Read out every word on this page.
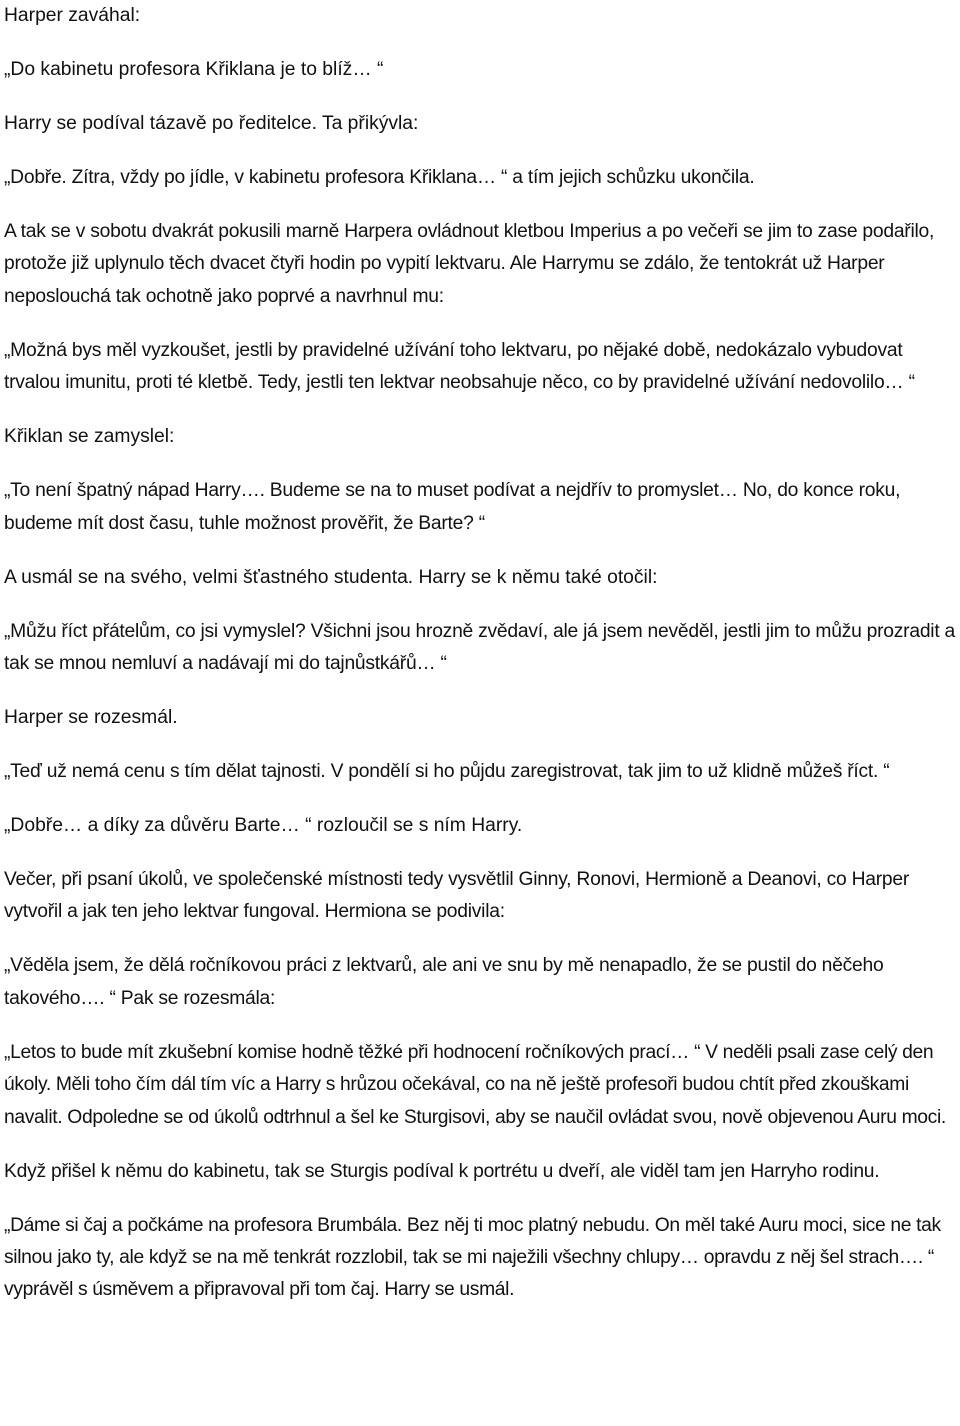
Harper zaváhal:

„Do kabinetu profesora Křiklana je to blíž… “

Harry se podíval tázavě po ředitelce. Ta přikývla:

„Dobře. Zítra, vždy po jídle, v kabinetu profesora Křiklana… “ a tím jejich schůzku ukončila.

A tak se v sobotu dvakrát pokusili marně Harpera ovládnout kletbou Imperius a po večeři se jim to zase podařilo, protože již uplynulo těch dvacet čtyři hodin po vypití lektvaru. Ale Harrymu se zdálo, že tentokrát už Harper neposlouchá tak ochotně jako poprvé a navrhnul mu:

„Možná bys měl vyzkoušet, jestli by pravidelné užívání toho lektvaru, po nějaké době, nedokázalo vybudovat trvalou imunitu, proti té kletbě. Tedy, jestli ten lektvar neobsahuje něco, co by pravidelné užívání nedovolilo… “

Křiklan se zamyslel:

„To není špatný nápad Harry…. Budeme se na to muset podívat a nejdřív to promyslet… No, do konce roku, budeme mít dost času, tuhle možnost prověřit, že Barte? “

A usmál se na svého, velmi šťastného studenta. Harry se k němu také otočil:

„Můžu říct přátelům, co jsi vymyslel? Všichni jsou hrozně zvědaví, ale já jsem nevěděl, jestli jim to můžu prozradit a tak se mnou nemluví a nadávají mi do tajnůstkářů… “

Harper se rozesmál.

„Teď už nemá cenu s tím dělat tajnosti. V pondělí si ho půjdu zaregistrovat, tak jim to už klidně můžeš říct. “

„Dobře… a díky za důvěru Barte… “ rozloučil se s ním Harry.

Večer, při psaní úkolů, ve společenské místnosti tedy vysvětlil Ginny, Ronovi, Hermioně a Deanovi, co Harper vytvořil a jak ten jeho lektvar fungoval. Hermiona se podivila:

„Věděla jsem, že dělá ročníkovou práci z lektvarů, ale ani ve snu by mě nenapadlo, že se pustil do něčeho takového…. “ Pak se rozesmála:

„Letos to bude mít zkušební komise hodně těžké při hodnocení ročníkových prací… “ V neděli psali zase celý den úkoly. Měli toho čím dál tím víc a Harry s hrůzou očekával, co na ně ještě profesoři budou chtít před zkouškami navalit. Odpoledne se od úkolů odtrhnul a šel ke Sturgisovi, aby se naučil ovládat svou, nově objevenou Auru moci.

Když přišel k němu do kabinetu, tak se Sturgis podíval k portrétu u dveří, ale viděl tam jen Harryho rodinu.

„Dáme si čaj a počkáme na profesora Brumbála. Bez něj ti moc platný nebudu. On měl také Auru moci, sice ne tak silnou jako ty, ale když se na mě tenkrát rozzlobil, tak se mi naježili všechny chlupy… opravdu z něj šel strach…. “ vyprávěl s úsměvem a připravoval při tom čaj. Harry se usmál.
